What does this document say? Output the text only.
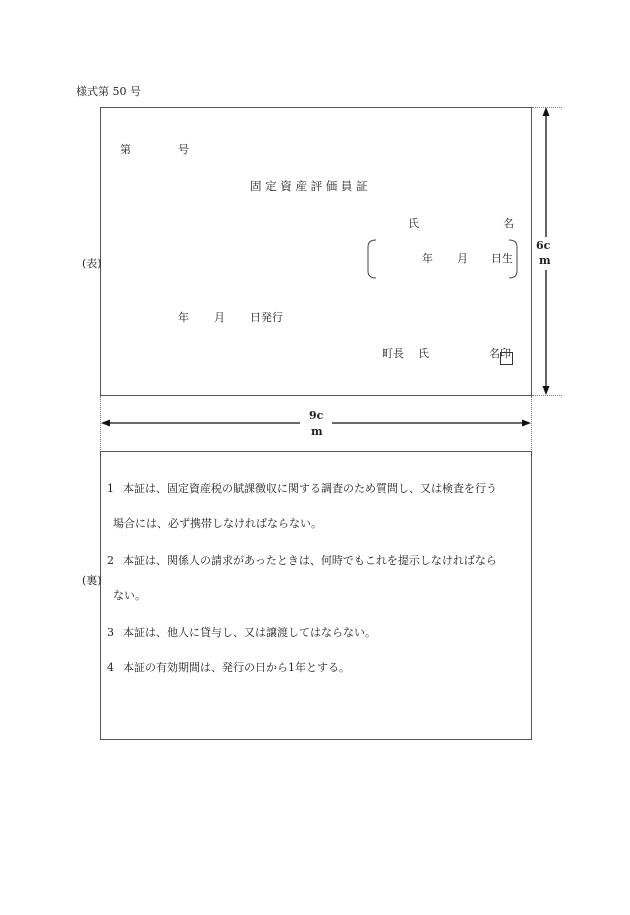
様式第 50 号
(表)
第	号
固 定 資 産 評 価 員 証
氏	名
年 月 日生
年 月 日発行
町長 氏	名 印
6c
m
9c
m
(裏)
1 本証は、固定資産税の賦課徴収に関する調査のため質問し、又は検査を行う
場合には、必ず携帯しなければならない。
2 本証は、関係人の請求があったときは、何時でもこれを提示しなければなら
ない。
3 本証は、他人に貸与し、又は譲渡してはならない。
4 本証の有効期間は、発行の日から1年とする。
